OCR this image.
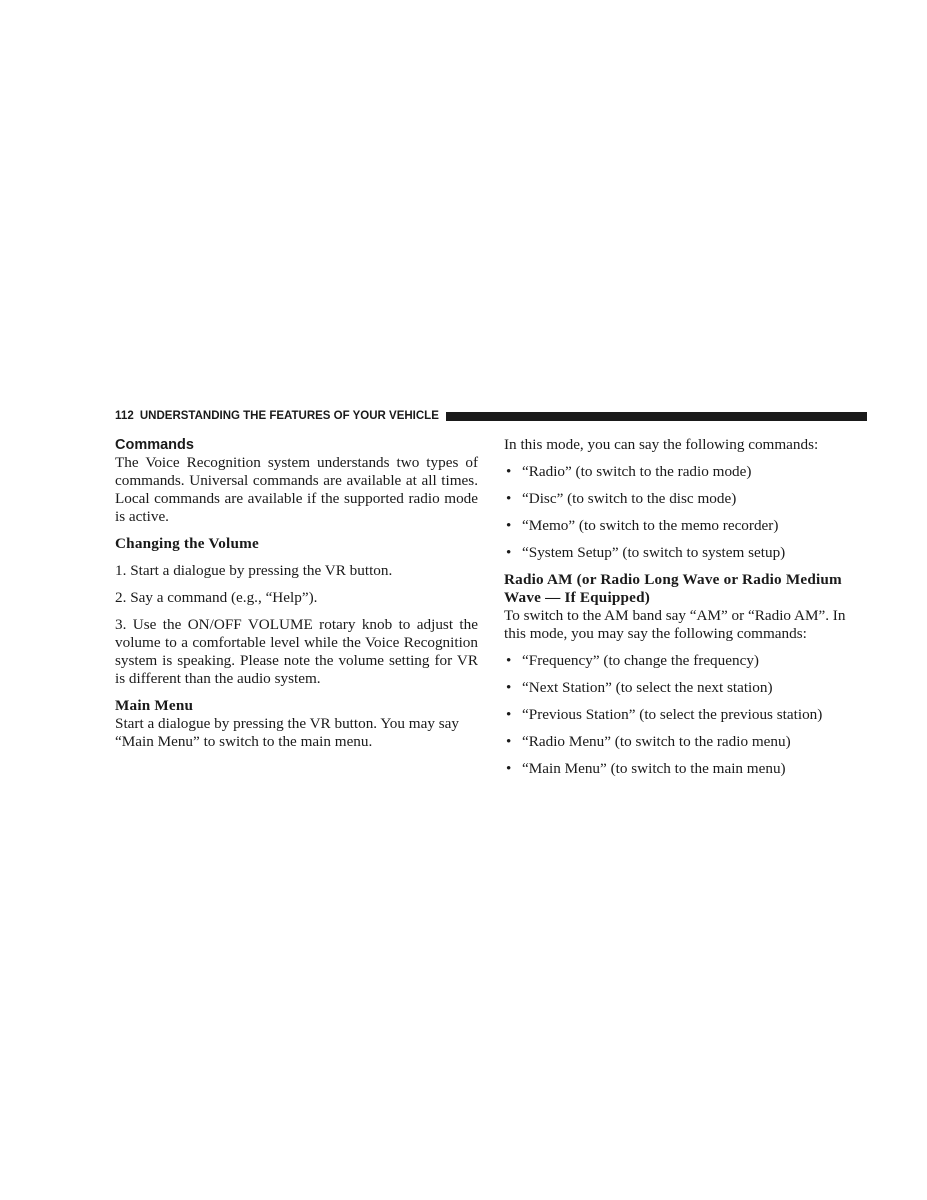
112 UNDERSTANDING THE FEATURES OF YOUR VEHICLE
Commands

The Voice Recognition system understands two types of commands. Universal commands are available at all times. Local commands are available if the supported radio mode is active.

Changing the Volume

1. Start a dialogue by pressing the VR button.

2. Say a command (e.g., “Help”).

3. Use the ON/OFF VOLUME rotary knob to adjust the volume to a comfortable level while the Voice Recognition system is speaking. Please note the volume setting for VR is different than the audio system.

Main Menu

Start a dialogue by pressing the VR button. You may say “Main Menu” to switch to the main menu.

In this mode, you can say the following commands:

• “Radio” (to switch to the radio mode)
• “Disc” (to switch to the disc mode)
• “Memo” (to switch to the memo recorder)
• “System Setup” (to switch to system setup)
Radio AM (or Radio Long Wave or Radio Medium Wave — If Equipped)

To switch to the AM band say “AM” or “Radio AM”. In this mode, you may say the following commands:

• “Frequency” (to change the frequency)
• “Next Station” (to select the next station)
• “Previous Station” (to select the previous station)
• “Radio Menu” (to switch to the radio menu)
• “Main Menu” (to switch to the main menu)
